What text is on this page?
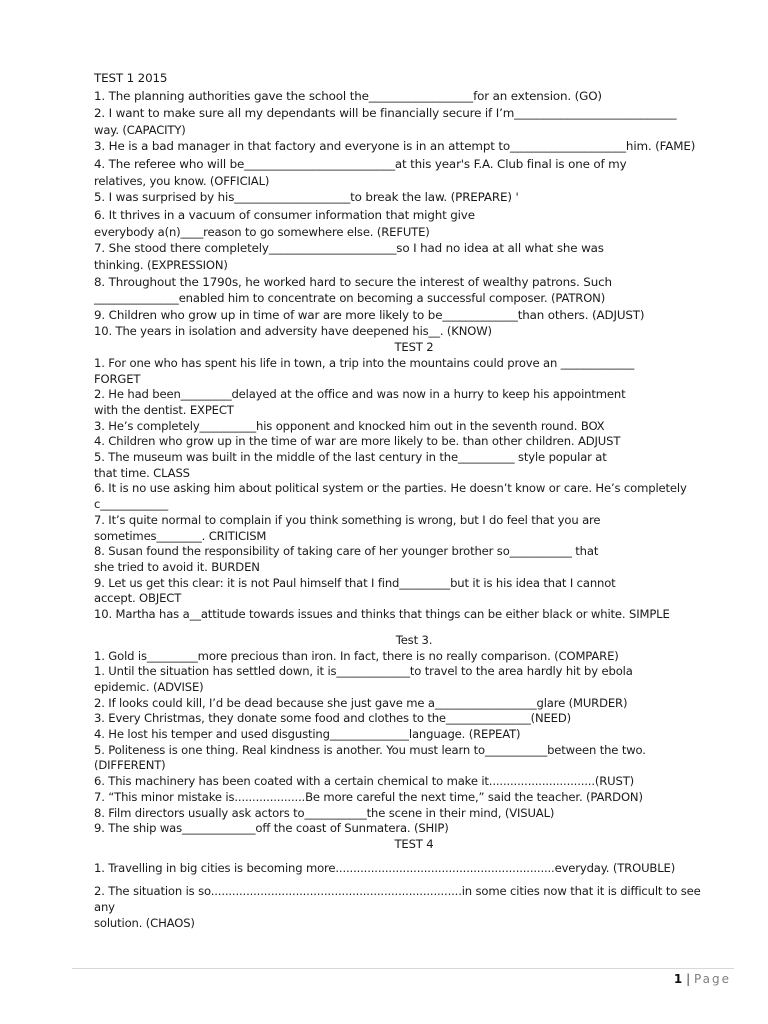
TEST 1 2015
1. The planning authorities gave the school the__________________for an extension. (GO)
2. I want to make sure all my dependants will be financially secure if I’m____________________________
way. (CAPACITY)
3. He is a bad manager in that factory and everyone is in an attempt to____________________him. (FAME)
4. The referee who will be__________________________at this year's F.A. Club final is one of my
relatives, you know. (OFFICIAL)
5. I was surprised by his____________________to break the law. (PREPARE) '
6. It thrives in a vacuum of consumer information that might give
everybody a(n)____reason to go somewhere else. (REFUTE)
7. She stood there completely______________________so I had no idea at all what she was
thinking. (EXPRESSION)
8. Throughout the 1790s, he worked hard to secure the interest of wealthy patrons. Such
_______________enabled him to concentrate on becoming a successful composer. (PATRON)
9. Children who grow up in time of war are more likely to be_____________than others. (ADJUST)
10. The years in isolation and adversity have deepened his__. (KNOW)
TEST 2
1. For one who has spent his life in town, a trip into the mountains could prove an _____________
FORGET
2. He had been_________delayed at the office and was now in a hurry to keep his appointment
with the dentist. EXPECT
3. He’s completely__________his opponent and knocked him out in the seventh round. BOX
4. Children who grow up in the time of war are more likely to be. than other children. ADJUST
5. The museum was built in the middle of the last century in the__________ style popular at
that time. CLASS
6. It is no use asking him about political system or the parties. He doesn’t know or care. He’s completely
c____________
7. It’s quite normal to complain if you think something is wrong, but I do feel that you are
sometimes________. CRITICISM
8. Susan found the responsibility of taking care of her younger brother so___________ that
she tried to avoid it. BURDEN
9. Let us get this clear: it is not Paul himself that I find_________but it is his idea that I cannot
accept. OBJECT
10. Martha has a__attitude towards issues and thinks that things can be either black or white. SIMPLE
Test 3.
1. Gold is_________more precious than iron. In fact, there is no really comparison. (COMPARE)
1. Until the situation has settled down, it is_____________to travel to the area hardly hit by ebola
epidemic. (ADVISE)
2. If looks could kill, I’d be dead because she just gave me a__________________glare (MURDER)
3. Every Christmas, they donate some food and clothes to the_______________(NEED)
4. He lost his temper and used disgusting______________language. (REPEAT)
5. Politeness is one thing. Real kindness is another. You must learn to___________between the two.
(DIFFERENT)
6. This machinery has been coated with a certain chemical to make it..............................(RUST)
7. “This minor mistake is....................Be more careful the next time,” said the teacher. (PARDON)
8. Film directors usually ask actors to___________the scene in their mind, (VISUAL)
9. The ship was_____________off the coast of Sunmatera. (SHIP)
TEST 4
1. Travelling in big cities is becoming more..............................................................everyday. (TROUBLE)
2. The situation is so.......................................................................in some cities now that it is difficult to see
any
solution. (CHAOS)
1 | Page
